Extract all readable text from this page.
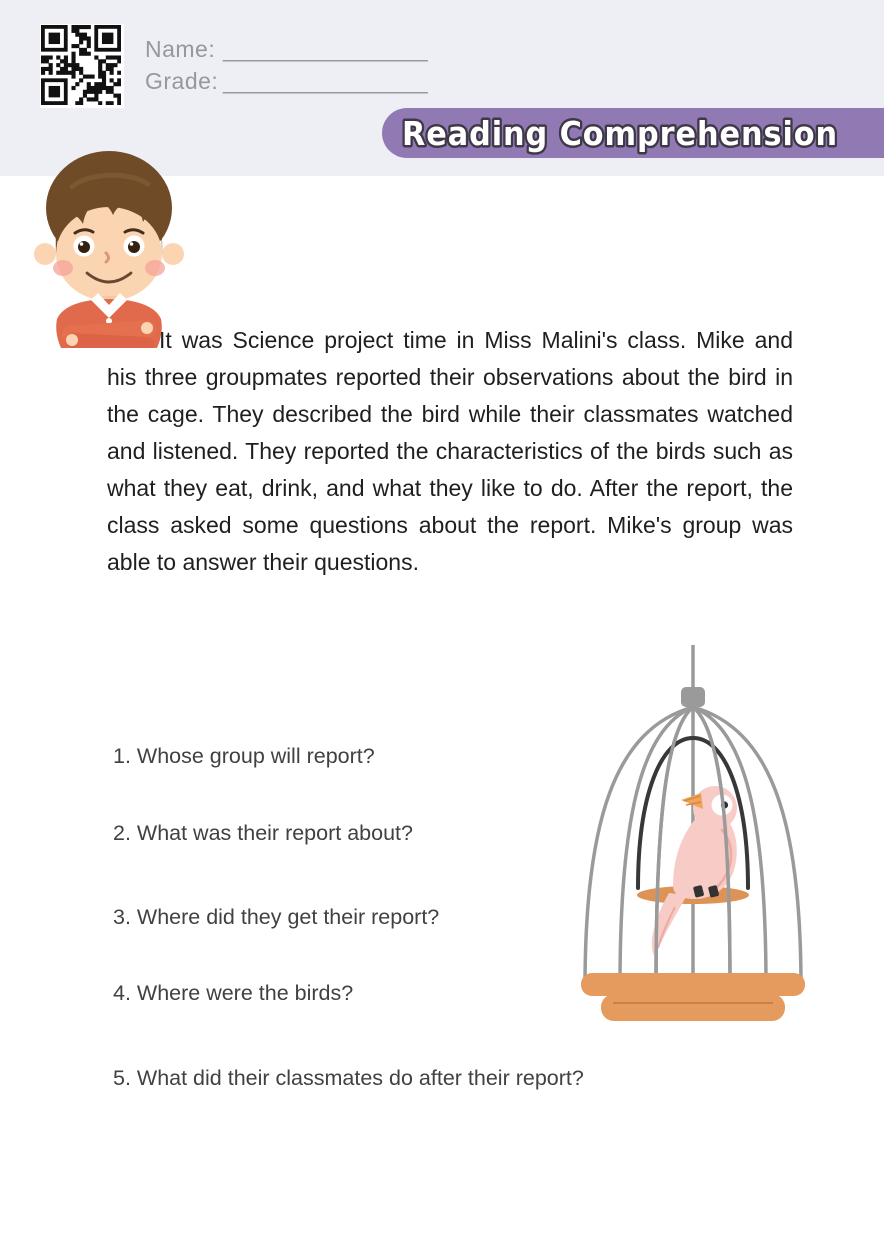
Name: ________________
Grade: ________________
Reading Comprehension

It was Science project time in Miss Malini's class. Mike and his three groupmates reported their observations about the bird in the cage. They described the bird while their classmates watched and listened. They reported the characteristics of the birds such as what they eat, drink, and what they like to do. After the report, the class asked some questions about the report. Mike's group was able to answer their questions.

1. Whose group will report?

2. What was their report about?

3. Where did they get their report?

4. Where were the birds?

5. What did their classmates do after their report?
